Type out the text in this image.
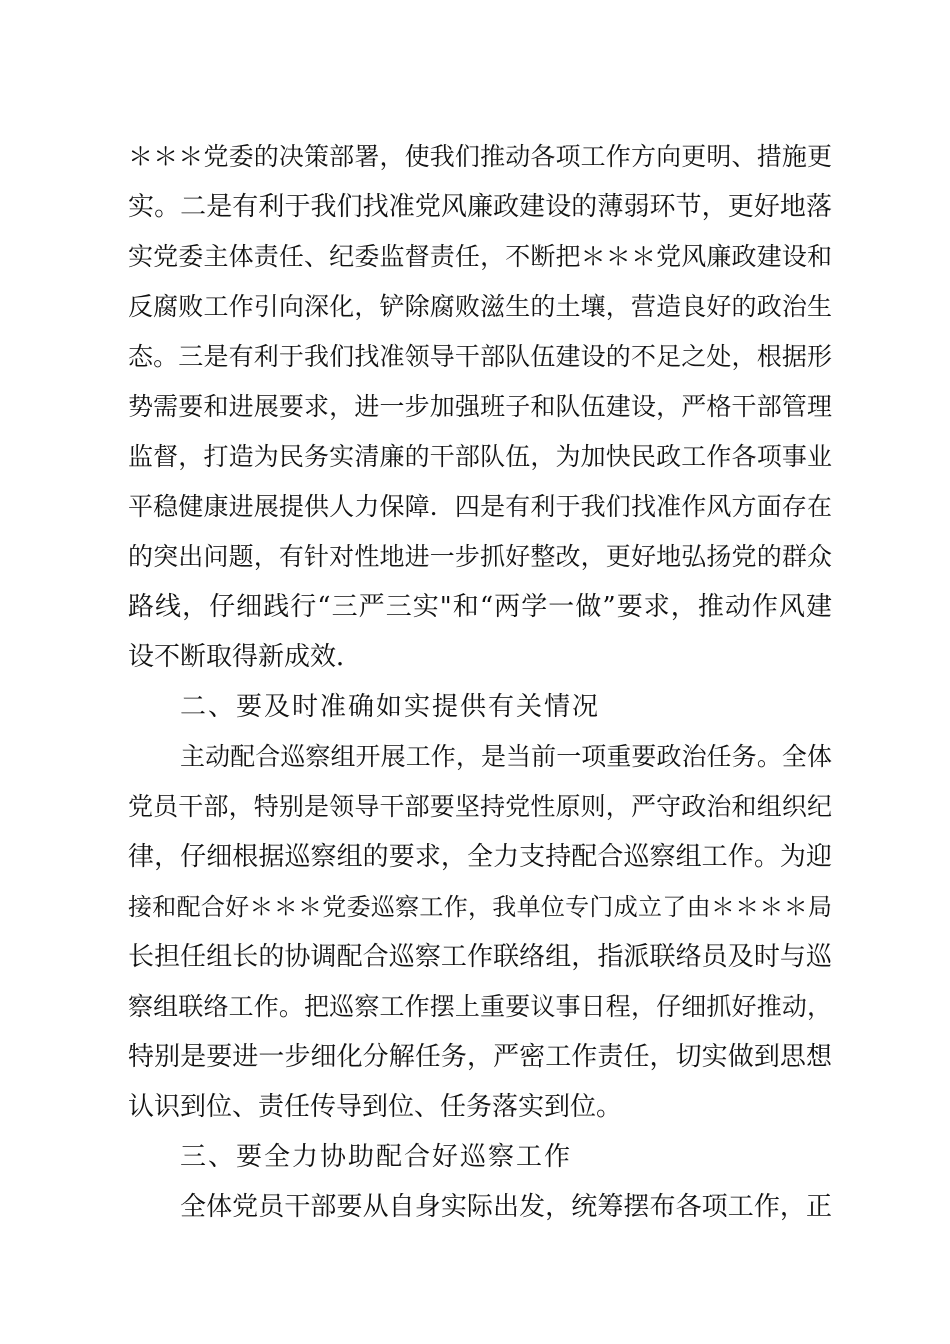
＊＊＊党委的决策部署，使我们推动各项工作方向更明、措施更
实。二是有利于我们找准党风廉政建设的薄弱环节，更好地落
实党委主体责任、纪委监督责任，不断把＊＊＊党风廉政建设和
反腐败工作引向深化，铲除腐败滋生的土壤，营造良好的政治生
态。三是有利于我们找准领导干部队伍建设的不足之处，根据形
势需要和进展要求，进一步加强班子和队伍建设，严格干部管理
监督，打造为民务实清廉的干部队伍，为加快民政工作各项事业
平稳健康进展提供人力保障．四是有利于我们找准作风方面存在
的突出问题，有针对性地进一步抓好整改，更好地弘扬党的群众
路线，仔细践行“三严三实"和“两学一做”要求，推动作风建
设不断取得新成效．
二、要及时准确如实提供有关情况
主动配合巡察组开展工作，是当前一项重要政治任务。全体
党员干部，特别是领导干部要坚持党性原则，严守政治和组织纪
律，仔细根据巡察组的要求，全力支持配合巡察组工作。为迎
接和配合好＊＊＊党委巡察工作，我单位专门成立了由＊＊＊＊局
长担任组长的协调配合巡察工作联络组，指派联络员及时与巡
察组联络工作。把巡察工作摆上重要议事日程，仔细抓好推动，
特别是要进一步细化分解任务，严密工作责任，切实做到思想
认识到位、责任传导到位、任务落实到位。
三、要全力协助配合好巡察工作
全体党员干部要从自身实际出发，统筹摆布各项工作，正
